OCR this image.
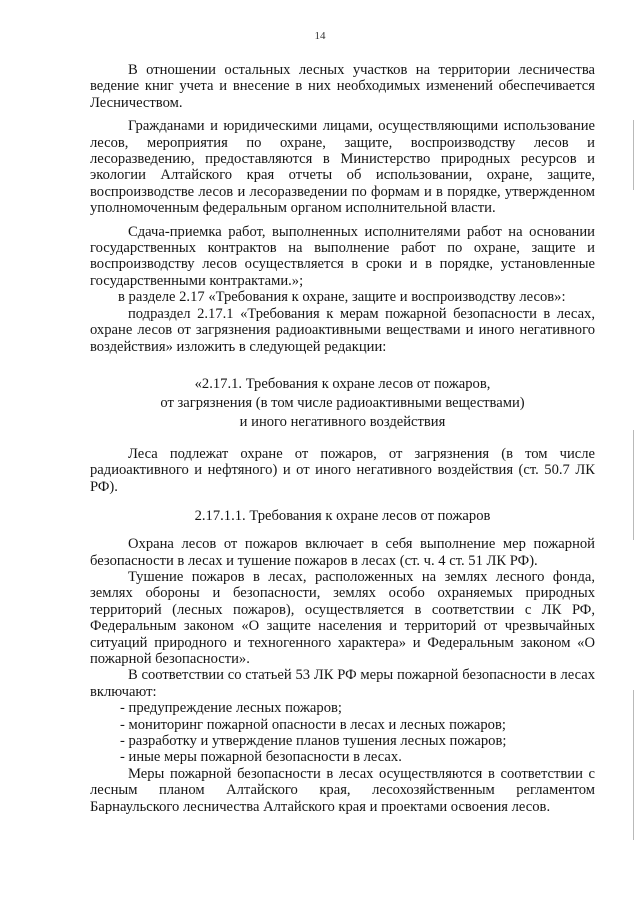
14

В отношении остальных лесных участков на территории лесничества ведение книг учета и внесение в них необходимых изменений обеспечивается Лесничеством.

Гражданами и юридическими лицами, осуществляющими использование лесов, мероприятия по охране, защите, воспроизводству лесов и лесоразведению, предоставляются в Министерство природных ресурсов и экологии Алтайского края отчеты об использовании, охране, защите, воспроизводстве лесов и лесоразведении по формам и в порядке, утвержденном уполномоченным федеральным органом исполнительной власти.

Сдача-приемка работ, выполненных исполнителями работ на основании государственных контрактов на выполнение работ по охране, защите и воспроизводству лесов осуществляется в сроки и в порядке, установленные государственными контрактами.»;

в разделе 2.17 «Требования к охране, защите и воспроизводству лесов»:

подраздел 2.17.1 «Требования к мерам пожарной безопасности в лесах, охране лесов от загрязнения радиоактивными веществами и иного негативного воздействия» изложить в следующей редакции:

«2.17.1. Требования к охране лесов от пожаров,
от загрязнения (в том числе радиоактивными веществами)
и иного негативного воздействия

Леса подлежат охране от пожаров, от загрязнения (в том числе радиоактивного и нефтяного) и от иного негативного воздействия (ст. 50.7 ЛК РФ).

2.17.1.1. Требования к охране лесов от пожаров

Охрана лесов от пожаров включает в себя выполнение мер пожарной безопасности в лесах и тушение пожаров в лесах (ст. ч. 4 ст. 51 ЛК РФ).

Тушение пожаров в лесах, расположенных на землях лесного фонда, землях обороны и безопасности, землях особо охраняемых природных территорий (лесных пожаров), осуществляется в соответствии с ЛК РФ, Федеральным законом «О защите населения и территорий от чрезвычайных ситуаций природного и техногенного характера» и Федеральным законом «О пожарной безопасности».

В соответствии со статьей 53 ЛК РФ меры пожарной безопасности в лесах включают:

- предупреждение лесных пожаров;
- мониторинг пожарной опасности в лесах и лесных пожаров;
- разработку и утверждение планов тушения лесных пожаров;
- иные меры пожарной безопасности в лесах.

Меры пожарной безопасности в лесах осуществляются в соответствии с лесным планом Алтайского края, лесохозяйственным регламентом Барнаульского лесничества Алтайского края и проектами освоения лесов.
